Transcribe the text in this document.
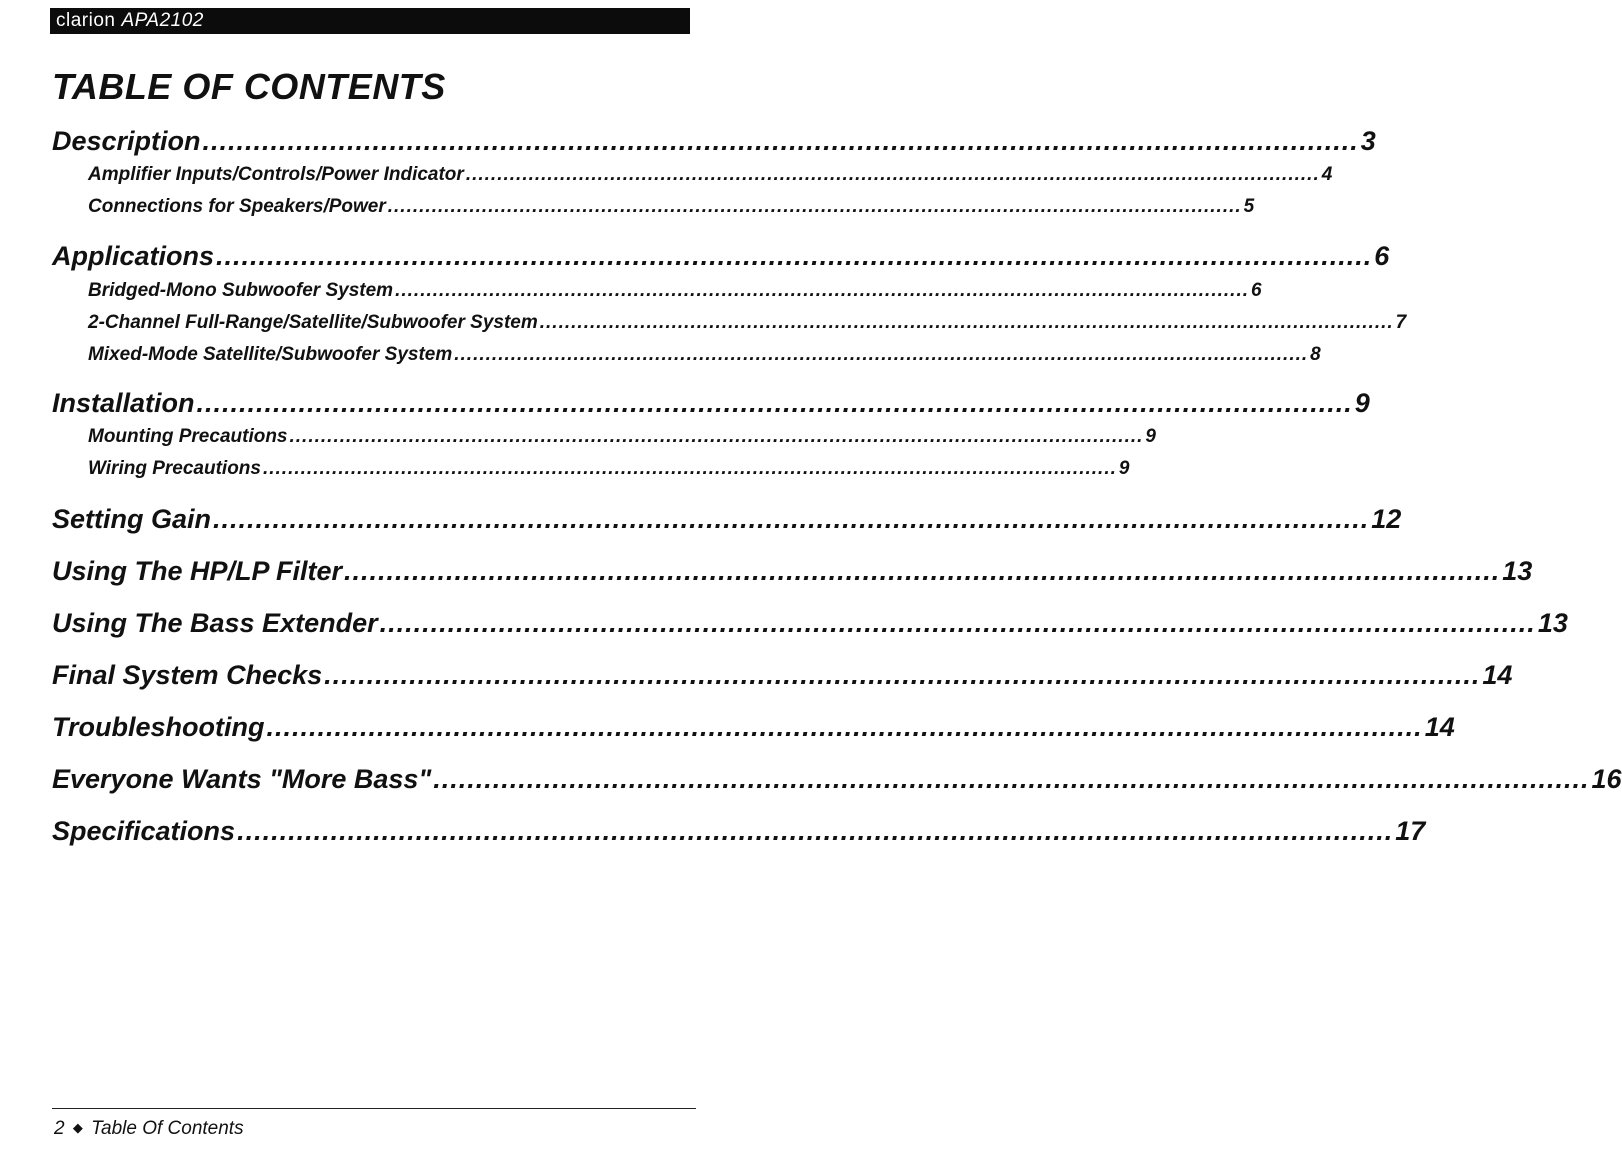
clarion APA2102
TABLE OF CONTENTS
Description ........................................................................................................................................ 3
Amplifier Inputs/Controls/Power Indicator ........................................................................................................................................ 4
Connections for Speakers/Power ........................................................................................................................................ 5
Applications ........................................................................................................................................ 6
Bridged-Mono Subwoofer System ........................................................................................................................................ 6
2-Channel Full-Range/Satellite/Subwoofer System ........................................................................................................................................ 7
Mixed-Mode Satellite/Subwoofer System ........................................................................................................................................ 8
Installation ........................................................................................................................................ 9
Mounting Precautions ........................................................................................................................................ 9
Wiring Precautions ........................................................................................................................................ 9
Setting Gain ........................................................................................................................................ 12
Using The HP/LP Filter ........................................................................................................................................ 13
Using The Bass Extender ........................................................................................................................................ 13
Final System Checks ........................................................................................................................................ 14
Troubleshooting ........................................................................................................................................ 14
Everyone Wants "More Bass" ........................................................................................................................................ 16
Specifications ........................................................................................................................................ 17
2 ◆ Table Of Contents
